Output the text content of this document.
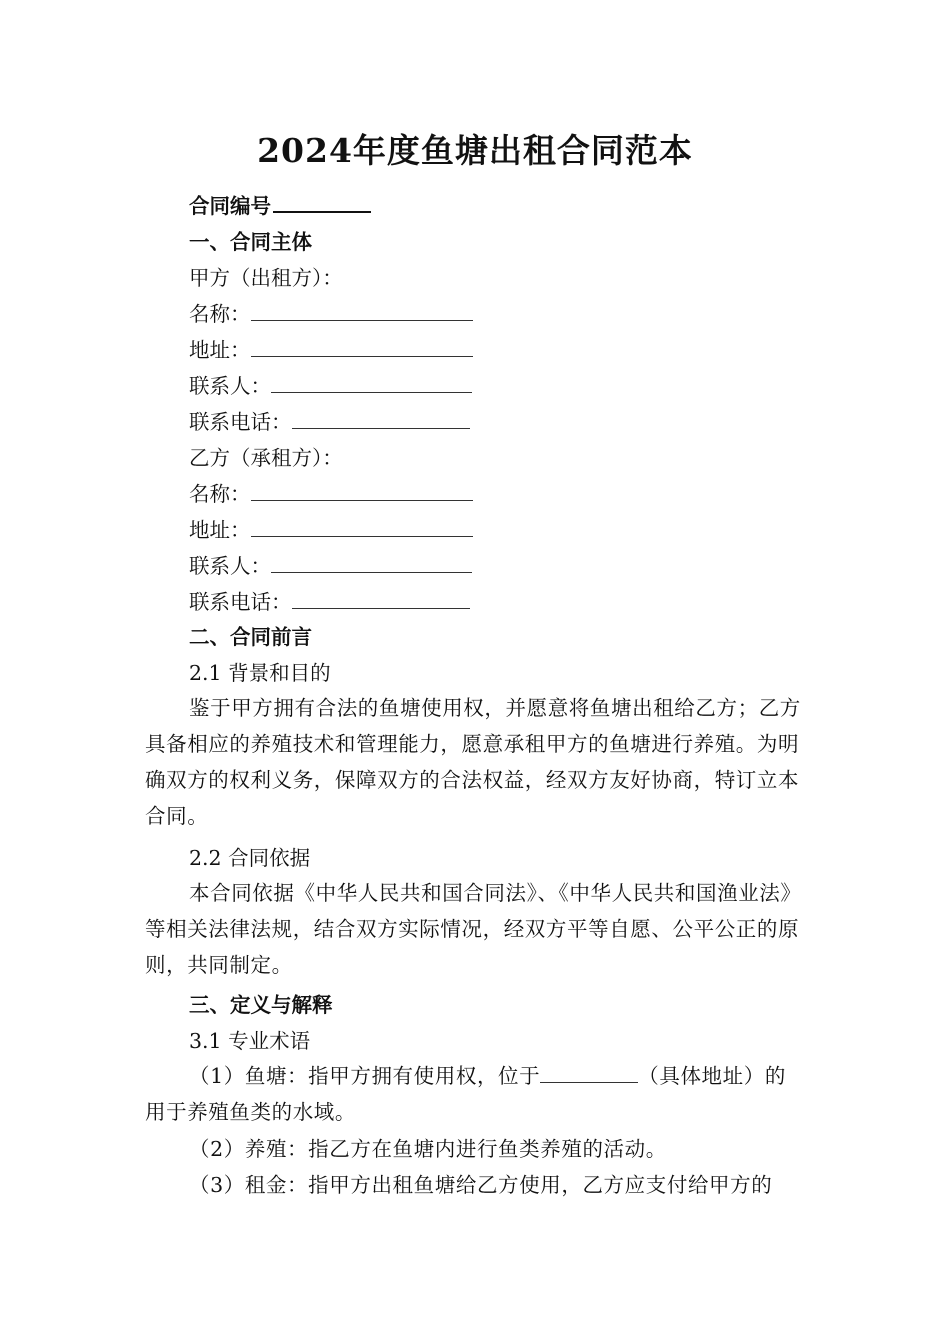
2024年度鱼塘出租合同范本
合同编号
一、合同主体
甲方（出租方）：
名称：
地址：
联系人：
联系电话：
乙方（承租方）：
名称：
地址：
联系人：
联系电话：
二、合同前言
2.1 背景和目的
鉴于甲方拥有合法的鱼塘使用权，并愿意将鱼塘出租给乙方；乙方具备相应的养殖技术和管理能力，愿意承租甲方的鱼塘进行养殖。为明确双方的权利义务，保障双方的合法权益，经双方友好协商，特订立本合同。
2.2 合同依据
本合同依据《中华人民共和国合同法》、《中华人民共和国渔业法》等相关法律法规，结合双方实际情况，经双方平等自愿、公平公正的原则，共同制定。
三、定义与解释
3.1 专业术语
（1）鱼塘：指甲方拥有使用权，位于	（具体地址）的用于养殖鱼类的水域。
（2）养殖：指乙方在鱼塘内进行鱼类养殖的活动。
（3）租金：指甲方出租鱼塘给乙方使用，乙方应支付给甲方的
